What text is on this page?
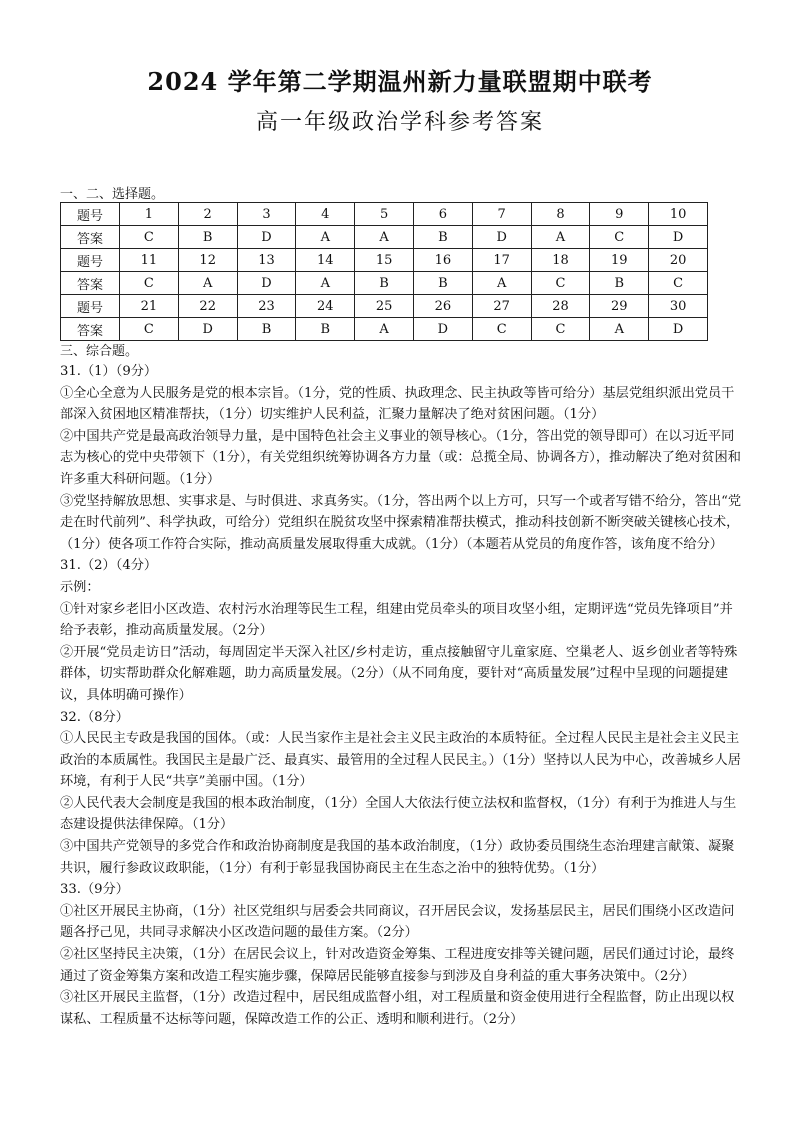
2024 学年第二学期温州新力量联盟期中联考
高一年级政治学科参考答案

一、二、选择题。

题号	1	2	3	4	5	6	7	8	9	10
答案	C	B	D	A	A	B	D	A	C	D
题号	11	12	13	14	15	16	17	18	19	20
答案	C	A	D	A	B	B	A	C	B	C
题号	21	22	23	24	25	26	27	28	29	30
答案	C	D	B	B	A	D	C	C	A	D

三、综合题。

31.（1）（9分）

①全心全意为人民服务是党的根本宗旨。（1分，党的性质、执政理念、民主执政等皆可给分）基层党组织派出党员干部深入贫困地区精准帮扶，（1分）切实维护人民利益，汇聚力量解决了绝对贫困问题。（1分）

②中国共产党是最高政治领导力量，是中国特色社会主义事业的领导核心。（1分，答出党的领导即可）在以习近平同志为核心的党中央带领下（1分），有关党组织统筹协调各方力量（或：总揽全局、协调各方），推动解决了绝对贫困和许多重大科研问题。（1分）

③党坚持解放思想、实事求是、与时俱进、求真务实。（1分，答出两个以上方可，只写一个或者写错不给分，答出“党走在时代前列”、科学执政，可给分）党组织在脱贫攻坚中探索精准帮扶模式，推动科技创新不断突破关键核心技术，（1分）使各项工作符合实际，推动高质量发展取得重大成就。（1分）（本题若从党员的角度作答，该角度不给分）

31.（2）（4分）

示例：

①针对家乡老旧小区改造、农村污水治理等民生工程，组建由党员牵头的项目攻坚小组，定期评选“党员先锋项目”并给予表彰，推动高质量发展。（2分）

②开展“党员走访日”活动，每周固定半天深入社区/乡村走访，重点接触留守儿童家庭、空巢老人、返乡创业者等特殊群体，切实帮助群众化解难题，助力高质量发展。（2分）（从不同角度，要针对“高质量发展”过程中呈现的问题提建议，具体明确可操作）

32.（8分）

①人民民主专政是我国的国体。（或：人民当家作主是社会主义民主政治的本质特征。全过程人民民主是社会主义民主政治的本质属性。我国民主是最广泛、最真实、最管用的全过程人民民主。）（1分）坚持以人民为中心，改善城乡人居环境，有利于人民“共享”美丽中国。（1分）

②人民代表大会制度是我国的根本政治制度，（1分）全国人大依法行使立法权和监督权，（1分）有利于为推进人与生态建设提供法律保障。（1分）

③中国共产党领导的多党合作和政治协商制度是我国的基本政治制度，（1分）政协委员围绕生态治理建言献策、凝聚共识，履行参政议政职能，（1分）有利于彰显我国协商民主在生态之治中的独特优势。（1分）

33.（9分）

①社区开展民主协商，（1分）社区党组织与居委会共同商议，召开居民会议，发扬基层民主，居民们围绕小区改造问题各抒己见，共同寻求解决小区改造问题的最佳方案。（2分）

②社区坚持民主决策，（1分）在居民会议上，针对改造资金筹集、工程进度安排等关键问题，居民们通过讨论，最终通过了资金筹集方案和改造工程实施步骤，保障居民能够直接参与到涉及自身利益的重大事务决策中。（2分）

③社区开展民主监督，（1分）改造过程中，居民组成监督小组，对工程质量和资金使用进行全程监督，防止出现以权谋私、工程质量不达标等问题，保障改造工作的公正、透明和顺利进行。（2分）
